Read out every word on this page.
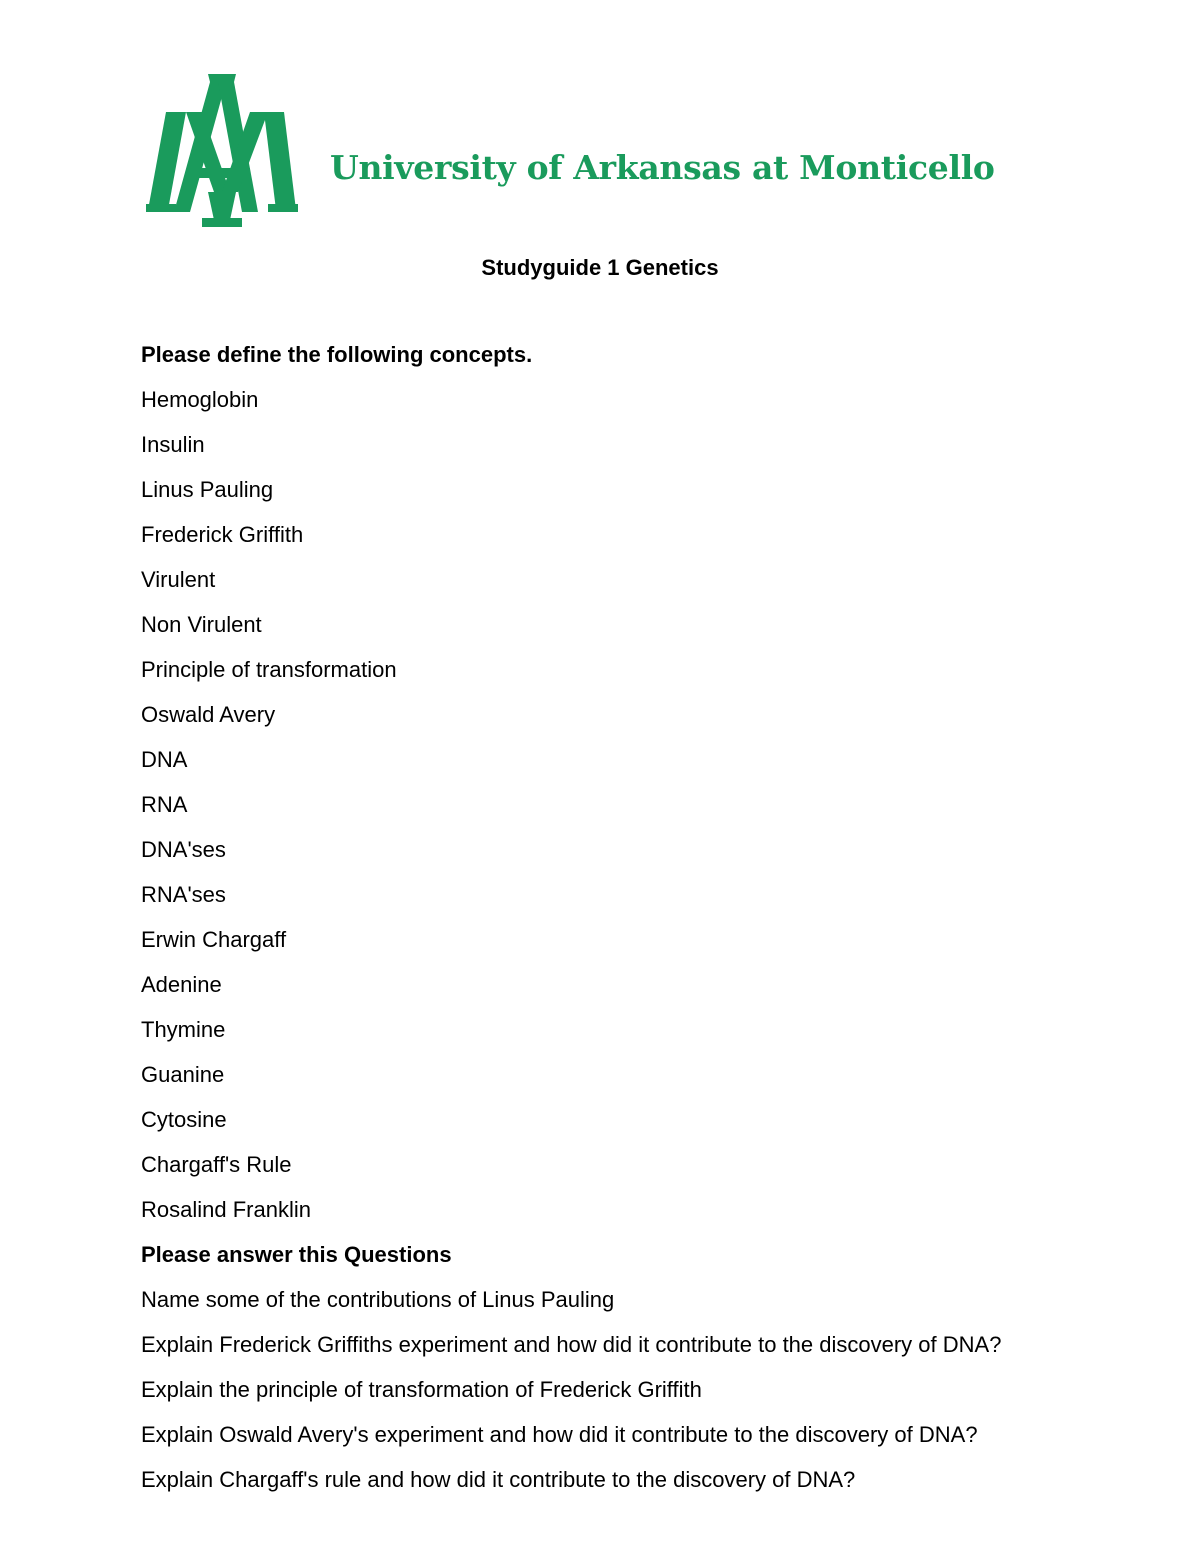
University of Arkansas at Monticello
Studyguide 1 Genetics
Please define the following concepts.
Hemoglobin
Insulin
Linus Pauling
Frederick Griffith
Virulent
Non Virulent
Principle of transformation
Oswald Avery
DNA
RNA
DNA'ses
RNA'ses
Erwin Chargaff
Adenine
Thymine
Guanine
Cytosine
Chargaff's Rule
Rosalind Franklin
Please answer this Questions
Name some of the contributions of Linus Pauling
Explain Frederick Griffiths experiment and how did it contribute to the discovery of DNA?
Explain the principle of transformation of Frederick Griffith
Explain Oswald Avery's experiment and how did it contribute to the discovery of DNA?
Explain Chargaff's rule and how did it contribute to the discovery of DNA?
